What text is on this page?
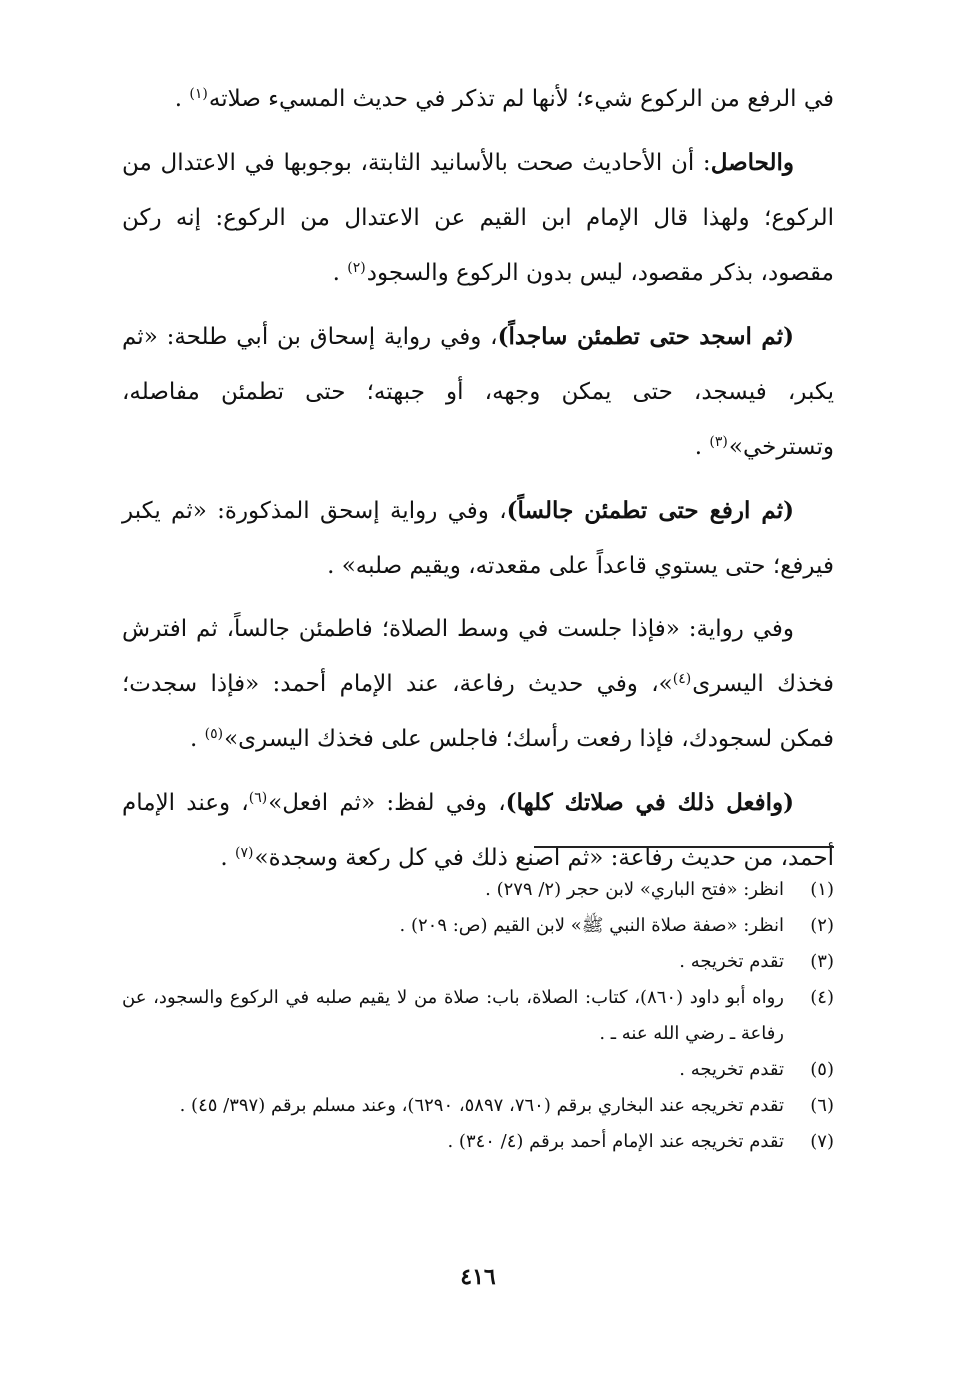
في الرفع من الركوع شيء؛ لأنها لم تذكر في حديث المسيء صلاته$^{(١)}$ .

والحاصل: أن الأحاديث صحت بالأسانيد الثابتة، بوجوبها في الاعتدال من الركوع؛ ولهذا قال الإمام ابن القيم عن الاعتدال من الركوع: إنه ركن مقصود، بذكر مقصود، ليس بدون الركوع والسجود$^{(٢)}$ .

(ثم اسجد حتى تطمئن ساجداً)، وفي رواية إسحاق بن أبي طلحة: «ثم يكبر، فيسجد، حتى يمكن وجهه، أو جبهته؛ حتى تطمئن مفاصله، وتسترخي»$^{(٣)}$ .

(ثم ارفع حتى تطمئن جالساً)، وفي رواية إسحق المذكورة: «ثم يكبر فيرفع؛ حتى يستوي قاعداً على مقعدته، ويقيم صلبه» .

وفي رواية: «فإذا جلست في وسط الصلاة؛ فاطمئن جالساً، ثم افترش فخذك اليسرى$^{(٤)}$»، وفي حديث رفاعة، عند الإمام أحمد: «فإذا سجدت؛ فمكن لسجودك، فإذا رفعت رأسك؛ فاجلس على فخذك اليسرى»$^{(٥)}$ .

(وافعل ذلك في صلاتك كلها)، وفي لفظ: «ثم افعل»$^{(٦)}$، وعند الإمام أحمد، من حديث رفاعة: «ثم اصنع ذلك في كل ركعة وسجدة»$^{(٧)}$ .

(١)
انظر: «فتح الباري» لابن حجر (٢/ ٢٧٩) .
(٢)
انظر: «صفة صلاة النبي ﷺ» لابن القيم (ص: ٢٠٩) .
(٣)
تقدم تخريجه .
(٤)
رواه أبو داود (٨٦٠)، كتاب: الصلاة، باب: صلاة من لا يقيم صلبه في الركوع والسجود، عن رفاعة ـ رضي الله عنه ـ .
(٥)
تقدم تخريجه .
(٦)
تقدم تخريجه عند البخاري برقم (٧٦٠، ٥٨٩٧، ٦٢٩٠)، وعند مسلم برقم (٣٩٧/ ٤٥) .
(٧)
تقدم تخريجه عند الإمام أحمد برقم (٤/ ٣٤٠) .
٤١٦
